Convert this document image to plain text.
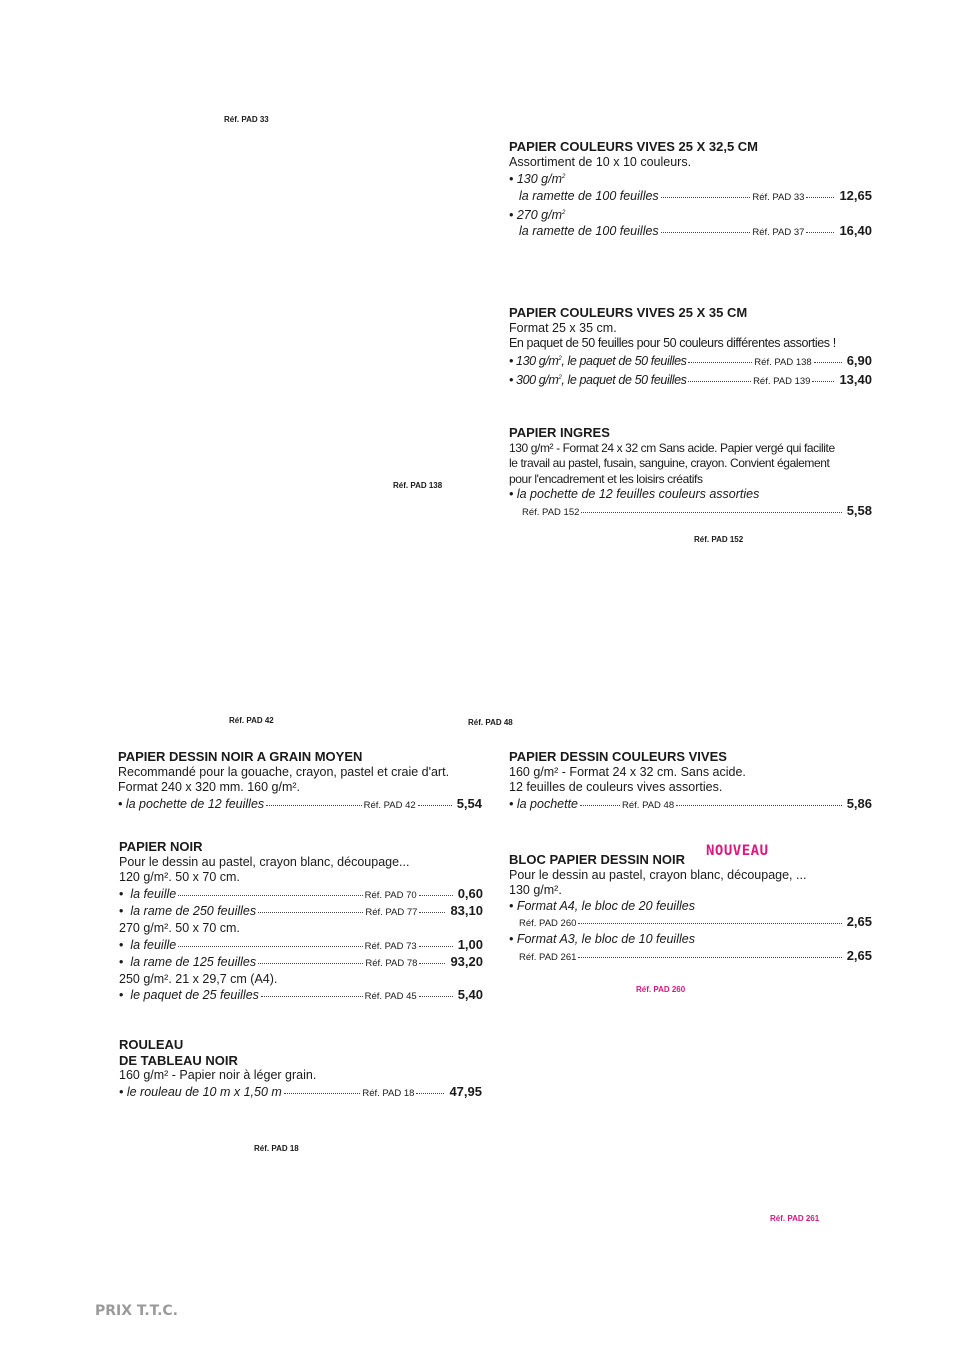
Réf. PAD 33
Réf. PAD 138
Réf. PAD 152
Réf. PAD 42	Réf. PAD 48
Réf. PAD 18
Réf. PAD 260
Réf. PAD 261
PAPIER COULEURS VIVES 25 X 32,5 CM
Assortiment de 10 x 10 couleurs.
• 130 $g/m^2$
la ramette de 100 feuilles	Réf. PAD 33	12,65
• 270 $g/m^2$
la ramette de 100 feuilles	Réf. PAD 37	16,40
PAPIER COULEURS VIVES 25 X 35 CM
Format 25 x 35 cm.
En paquet de 50 feuilles pour 50 couleurs différentes assorties !
• 130 $g/m^2$, le paquet de 50 feuilles	Réf. PAD 138	6,90
• 300 $g/m^2$, le paquet de 50 feuilles	Réf. PAD 139 13,40
PAPIER INGRES
130 g/m² - Format 24 x 32 cm Sans acide. Papier vergé qui facilite
le travail au pastel, fusain, sanguine, crayon. Convient également
pour l'encadrement et les loisirs créatifs
• la pochette de 12 feuilles couleurs assorties
Réf. PAD 152	5,58
PAPIER DESSIN NOIR A GRAIN MOYEN
Recommandé pour la gouache, crayon, pastel et craie d'art.
Format 240 x 320 mm. 160 g/m².
• la pochette de 12 feuilles	Réf. PAD 42	5,54
PAPIER DESSIN COULEURS VIVES
160 g/m² - Format 24 x 32 cm. Sans acide.
12 feuilles de couleurs vives assorties.
• la pochette	Réf. PAD 48	5,86
PAPIER NOIR
Pour le dessin au pastel, crayon blanc, découpage...
120 g/m². 50 x 70 cm.
•
la feuille	Réf. PAD 70	0,60
•
la rame de 250 feuilles	Réf. PAD 77	83,10
270 g/m². 50 x 70 cm.
•
la feuille	Réf. PAD 73	1,00
•
la rame de 125 feuilles	Réf. PAD 78	93,20
250 g/m². 21 x 29,7 cm (A4).
•
le paquet de 25 feuilles	Réf. PAD 45	5,40
NOUVEAU
BLOC PAPIER DESSIN NOIR
Pour le dessin au pastel, crayon blanc, découpage, ...
130 g/m².
• Format A4, le bloc de 20 feuilles
Réf. PAD 260	2,65
• Format A3, le bloc de 10 feuilles
Réf. PAD 261	2,65
ROULEAU
DE TABLEAU NOIR
160 g/m² - Papier noir à léger grain.
• le rouleau de 10 m x 1,50 m	Réf. PAD 18	47,95
PRIX T.T.C.
